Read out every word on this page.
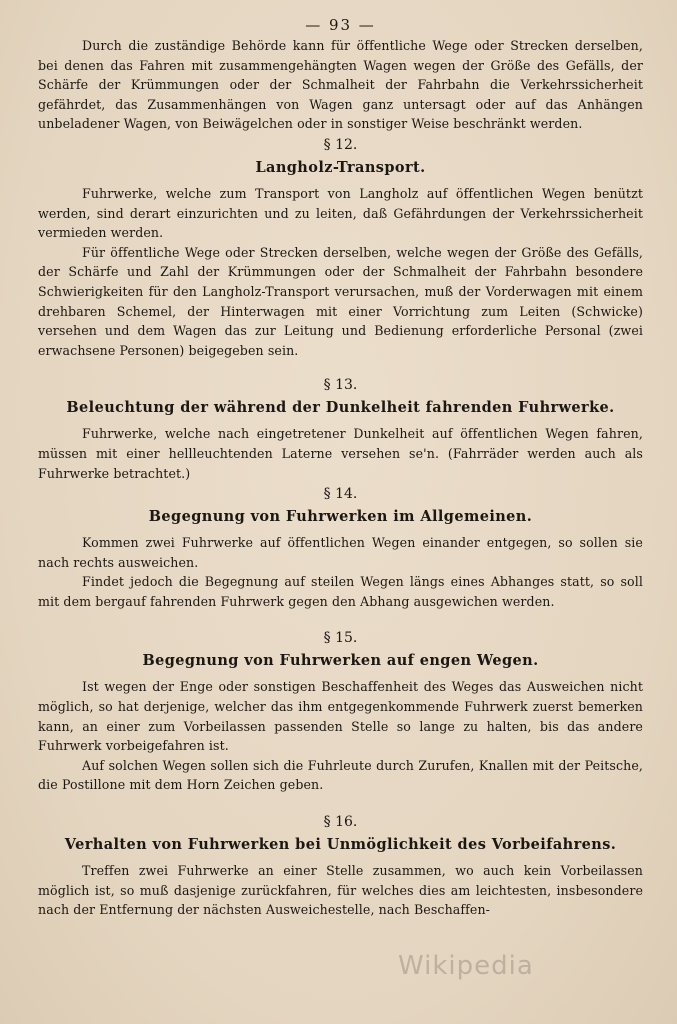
— 93 —

Durch die zuständige Behörde kann für öffentliche Wege oder Strecken derselben, bei denen das Fahren mit zusammengehängten Wagen wegen der Größe des Gefälls, der Schärfe der Krümmungen oder der Schmalheit der Fahrbahn die Verkehrssicherheit gefährdet, das Zusammenhängen von Wagen ganz untersagt oder auf das Anhängen unbeladener Wagen, von Beiwägelchen oder in sonstiger Weise beschränkt werden.

§ 12.

Langholz-Transport.

Fuhrwerke, welche zum Transport von Langholz auf öffentlichen Wegen benützt werden, sind derart einzurichten und zu leiten, daß Gefährdungen der Verkehrssicherheit vermieden werden.

Für öffentliche Wege oder Strecken derselben, welche wegen der Größe des Gefälls, der Schärfe und Zahl der Krümmungen oder der Schmalheit der Fahrbahn besondere Schwierigkeiten für den Langholz-Transport verursachen, muß der Vorderwagen mit einem drehbaren Schemel, der Hinterwagen mit einer Vorrichtung zum Leiten (Schwicke) versehen und dem Wagen das zur Leitung und Bedienung erforderliche Personal (zwei erwachsene Personen) beigegeben sein.

§ 13.

Beleuchtung der während der Dunkelheit fahrenden Fuhrwerke.

Fuhrwerke, welche nach eingetretener Dunkelheit auf öffentlichen Wegen fahren, müssen mit einer hellleuchtenden Laterne versehen se'n. (Fahrräder werden auch als Fuhrwerke betrachtet.)

§ 14.

Begegnung von Fuhrwerken im Allgemeinen.

Kommen zwei Fuhrwerke auf öffentlichen Wegen einander entgegen, so sollen sie nach rechts ausweichen.

Findet jedoch die Begegnung auf steilen Wegen längs eines Abhanges statt, so soll mit dem bergauf fahrenden Fuhrwerk gegen den Abhang ausgewichen werden.

§ 15.

Begegnung von Fuhrwerken auf engen Wegen.

Ist wegen der Enge oder sonstigen Beschaffenheit des Weges das Ausweichen nicht möglich, so hat derjenige, welcher das ihm entgegenkommende Fuhrwerk zuerst bemerken kann, an einer zum Vorbeilassen passenden Stelle so lange zu halten, bis das andere Fuhrwerk vorbeigefahren ist.

Auf solchen Wegen sollen sich die Fuhrleute durch Zurufen, Knallen mit der Peitsche, die Postillone mit dem Horn Zeichen geben.

§ 16.

Verhalten von Fuhrwerken bei Unmöglichkeit des Vorbeifahrens.

Treffen zwei Fuhrwerke an einer Stelle zusammen, wo auch kein Vorbeilassen möglich ist, so muß dasjenige zurückfahren, für welches dies am leichtesten, insbesondere nach der Entfernung der nächsten Ausweichestelle, nach Beschaffen-

Wikipedia
